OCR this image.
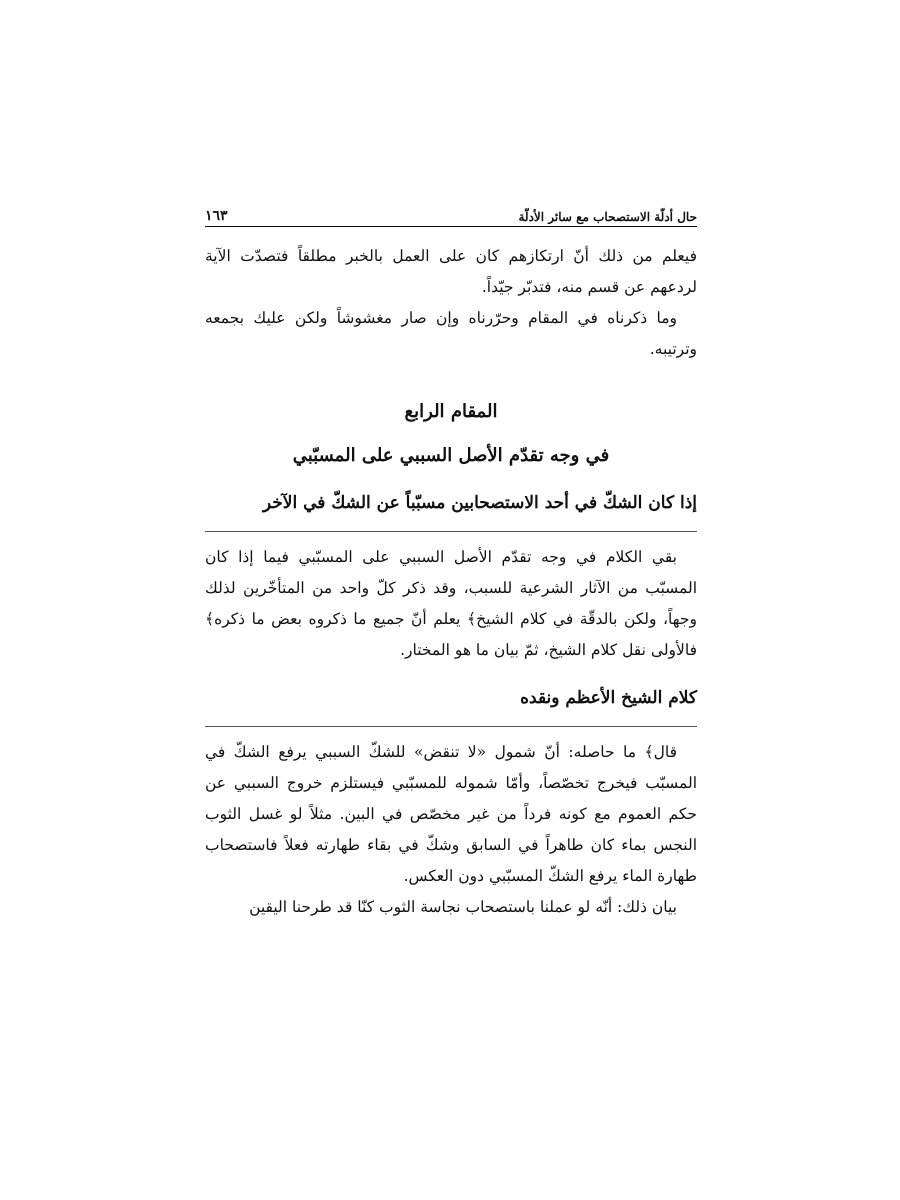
حال أدلّة الاستصحاب مع سائر الأدلّة
١٦٣

فيعلم من ذلك أنّ ارتكازهم كان على العمل بالخبر مطلقاً فتصدّت الآية لردعهم عن قسم منه، فتدبّر جيّداً.

وما ذكرناه في المقام وحرّرناه وإن صار مغشوشاً ولكن عليك بجمعه وترتيبه.

المقام الرابع
في وجه تقدّم الأصل السببي على المسبّبي
إذا كان الشكّ في أحد الاستصحابين مسبّباً عن الشكّ في الآخر

بقي الكلام في وجه تقدّم الأصل السببي على المسبّبي فيما إذا كان المسبّب من الآثار الشرعية للسبب، وقد ذكر كلّ واحد من المتأخّرين لذلك وجهاً، ولكن بالدقّة في كلام الشيخ﴾ يعلم أنّ جميع ما ذكروه بعض ما ذكره﴾ فالأولى نقل كلام الشيخ، ثمّ بيان ما هو المختار.

كلام الشيخ الأعظم ونقده

قال﴾ ما حاصله: أنّ شمول «لا تنقض» للشكّ السببي يرفع الشكّ في المسبّب فيخرج تخصّصاً، وأمّا شموله للمسبّبي فيستلزم خروج السببي عن حكم العموم مع كونه فرداً من غير مخصّص في البين. مثلاً لو غسل الثوب النجس بماء كان طاهراً في السابق وشكّ في بقاء طهارته فعلاً فاستصحاب طهارة الماء يرفع الشكّ المسبّبي دون العكس.

بيان ذلك: أنّه لو عملنا باستصحاب نجاسة الثوب كنّا قد طرحنا اليقين
